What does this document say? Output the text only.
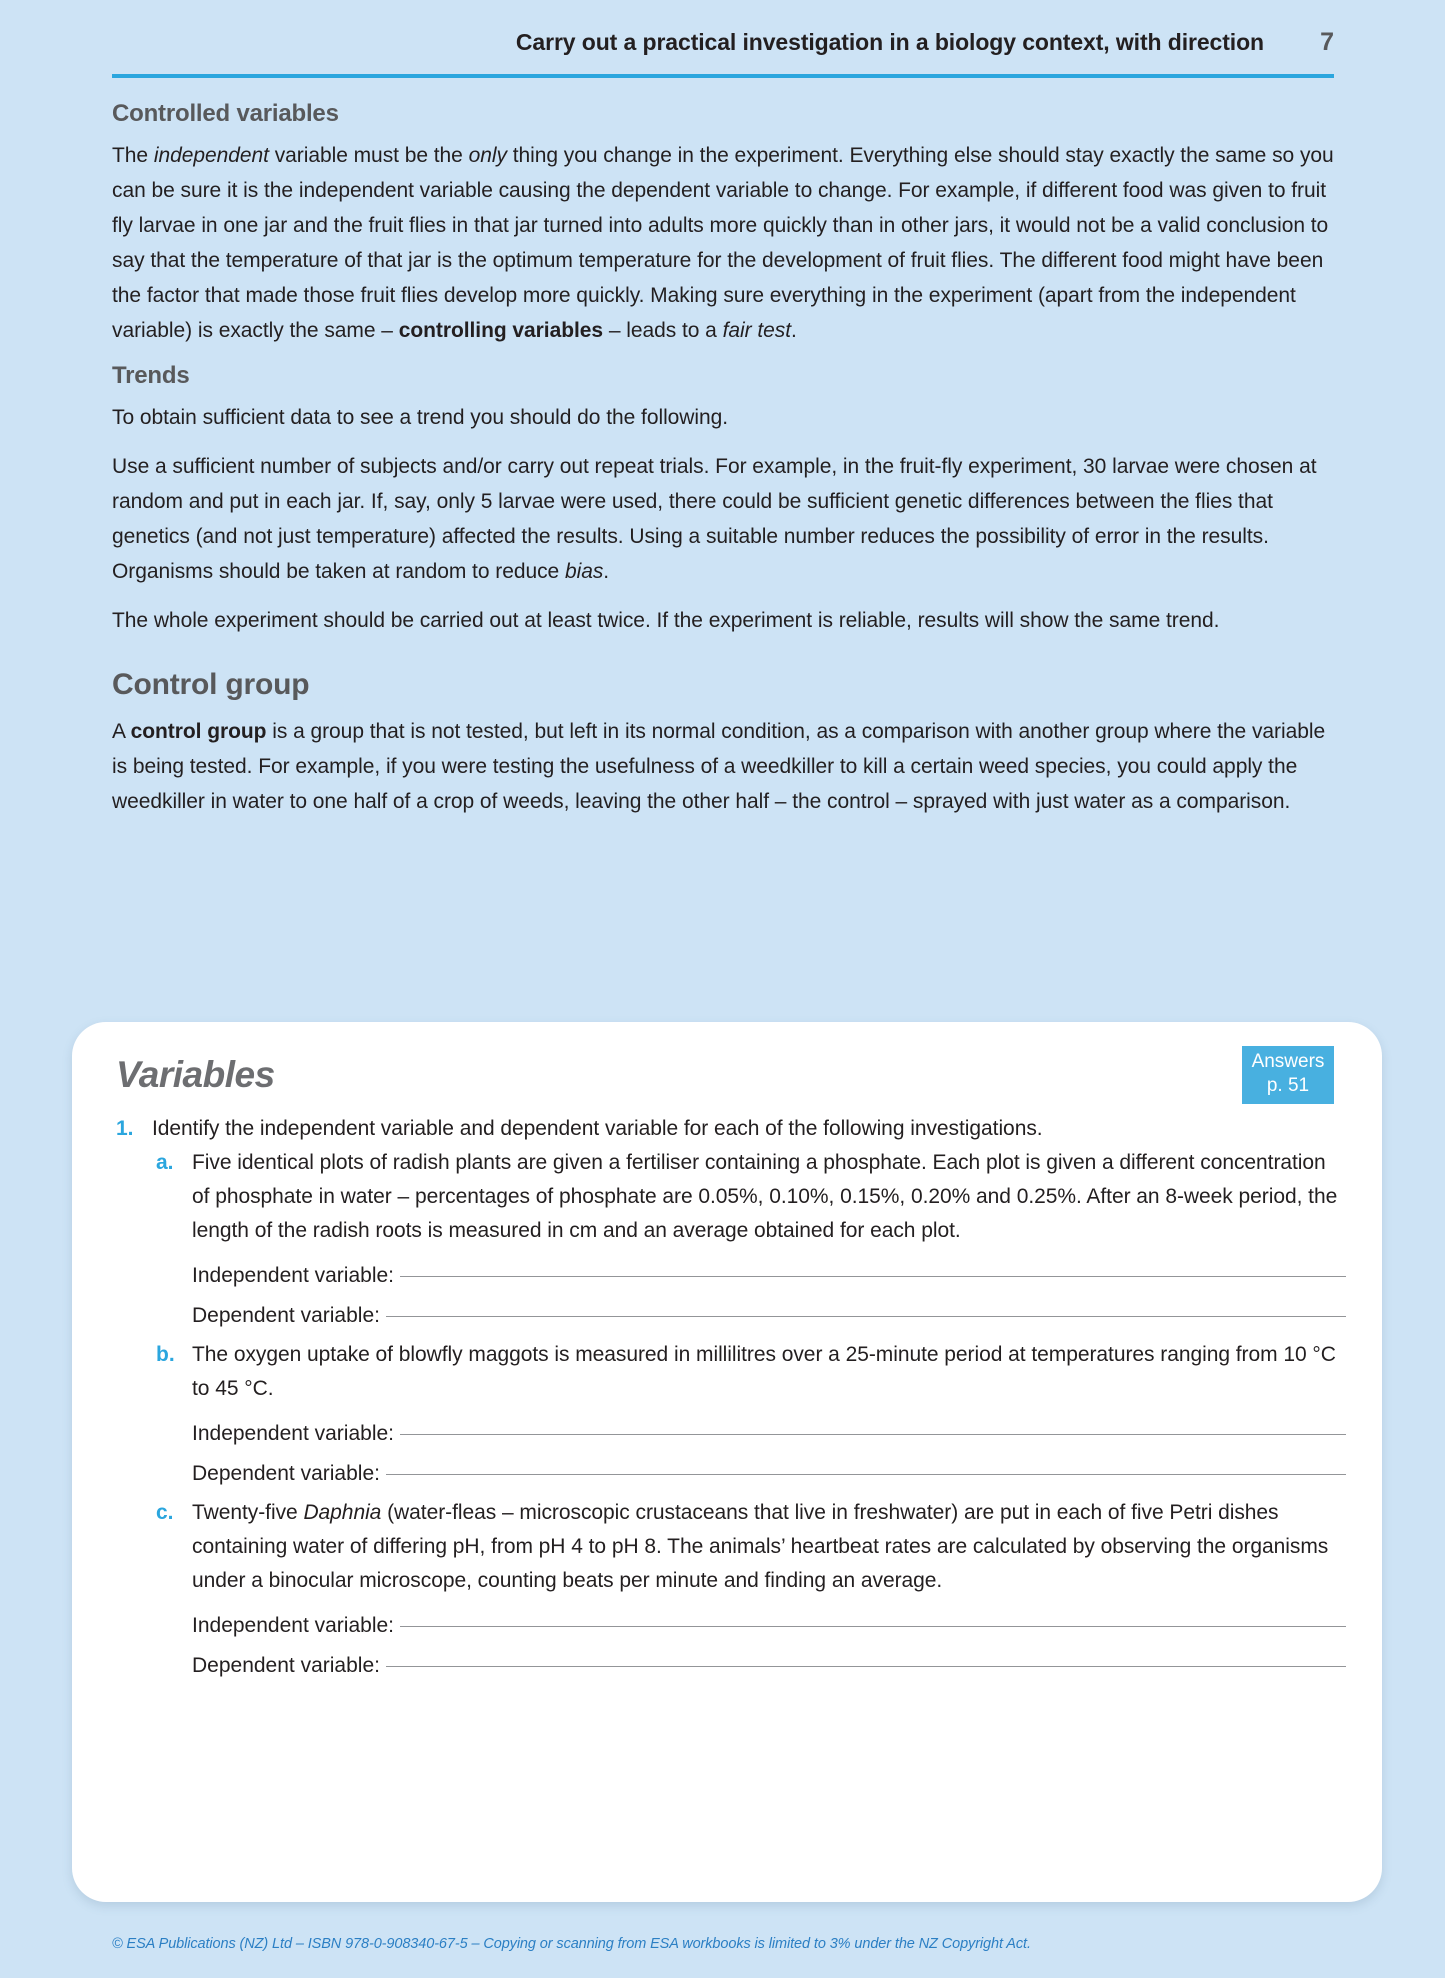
Carry out a practical investigation in a biology context, with direction	7
Controlled variables

The independent variable must be the only thing you change in the experiment. Everything else should stay exactly the same so you can be sure it is the independent variable causing the dependent variable to change. For example, if different food was given to fruit fly larvae in one jar and the fruit flies in that jar turned into adults more quickly than in other jars, it would not be a valid conclusion to say that the temperature of that jar is the optimum temperature for the development of fruit flies. The different food might have been the factor that made those fruit flies develop more quickly. Making sure everything in the experiment (apart from the independent variable) is exactly the same – controlling variables – leads to a fair test.

Trends

To obtain sufficient data to see a trend you should do the following.

Use a sufficient number of subjects and/or carry out repeat trials. For example, in the fruit-fly experiment, 30 larvae were chosen at random and put in each jar. If, say, only 5 larvae were used, there could be sufficient genetic differences between the flies that genetics (and not just temperature) affected the results. Using a suitable number reduces the possibility of error in the results. Organisms should be taken at random to reduce bias.

The whole experiment should be carried out at least twice. If the experiment is reliable, results will show the same trend.

Control group

A control group is a group that is not tested, but left in its normal condition, as a comparison with another group where the variable is being tested. For example, if you were testing the usefulness of a weedkiller to kill a certain weed species, you could apply the weedkiller in water to one half of a crop of weeds, leaving the other half – the control – sprayed with just water as a comparison.

Answers
p. 51
Variables
1. Identify the independent variable and dependent variable for each of the following investigations.
a. Five identical plots of radish plants are given a fertiliser containing a phosphate. Each plot is given a different concentration of phosphate in water – percentages of phosphate are 0.05%, 0.10%, 0.15%, 0.20% and 0.25%. After an 8-week period, the length of the radish roots is measured in cm and an average obtained for each plot.
Independent variable:
Dependent variable:
b. The oxygen uptake of blowfly maggots is measured in millilitres over a 25-minute period at temperatures ranging from 10 °C to 45 °C.
Independent variable:
Dependent variable:
c. Twenty-five Daphnia (water-fleas – microscopic crustaceans that live in freshwater) are put in each of five Petri dishes containing water of differing pH, from pH 4 to pH 8. The animals’ heartbeat rates are calculated by observing the organisms under a binocular microscope, counting beats per minute and finding an average.
Independent variable:
Dependent variable:
© ESA Publications (NZ) Ltd – ISBN 978-0-908340-67-5 – Copying or scanning from ESA workbooks is limited to 3% under the NZ Copyright Act.
